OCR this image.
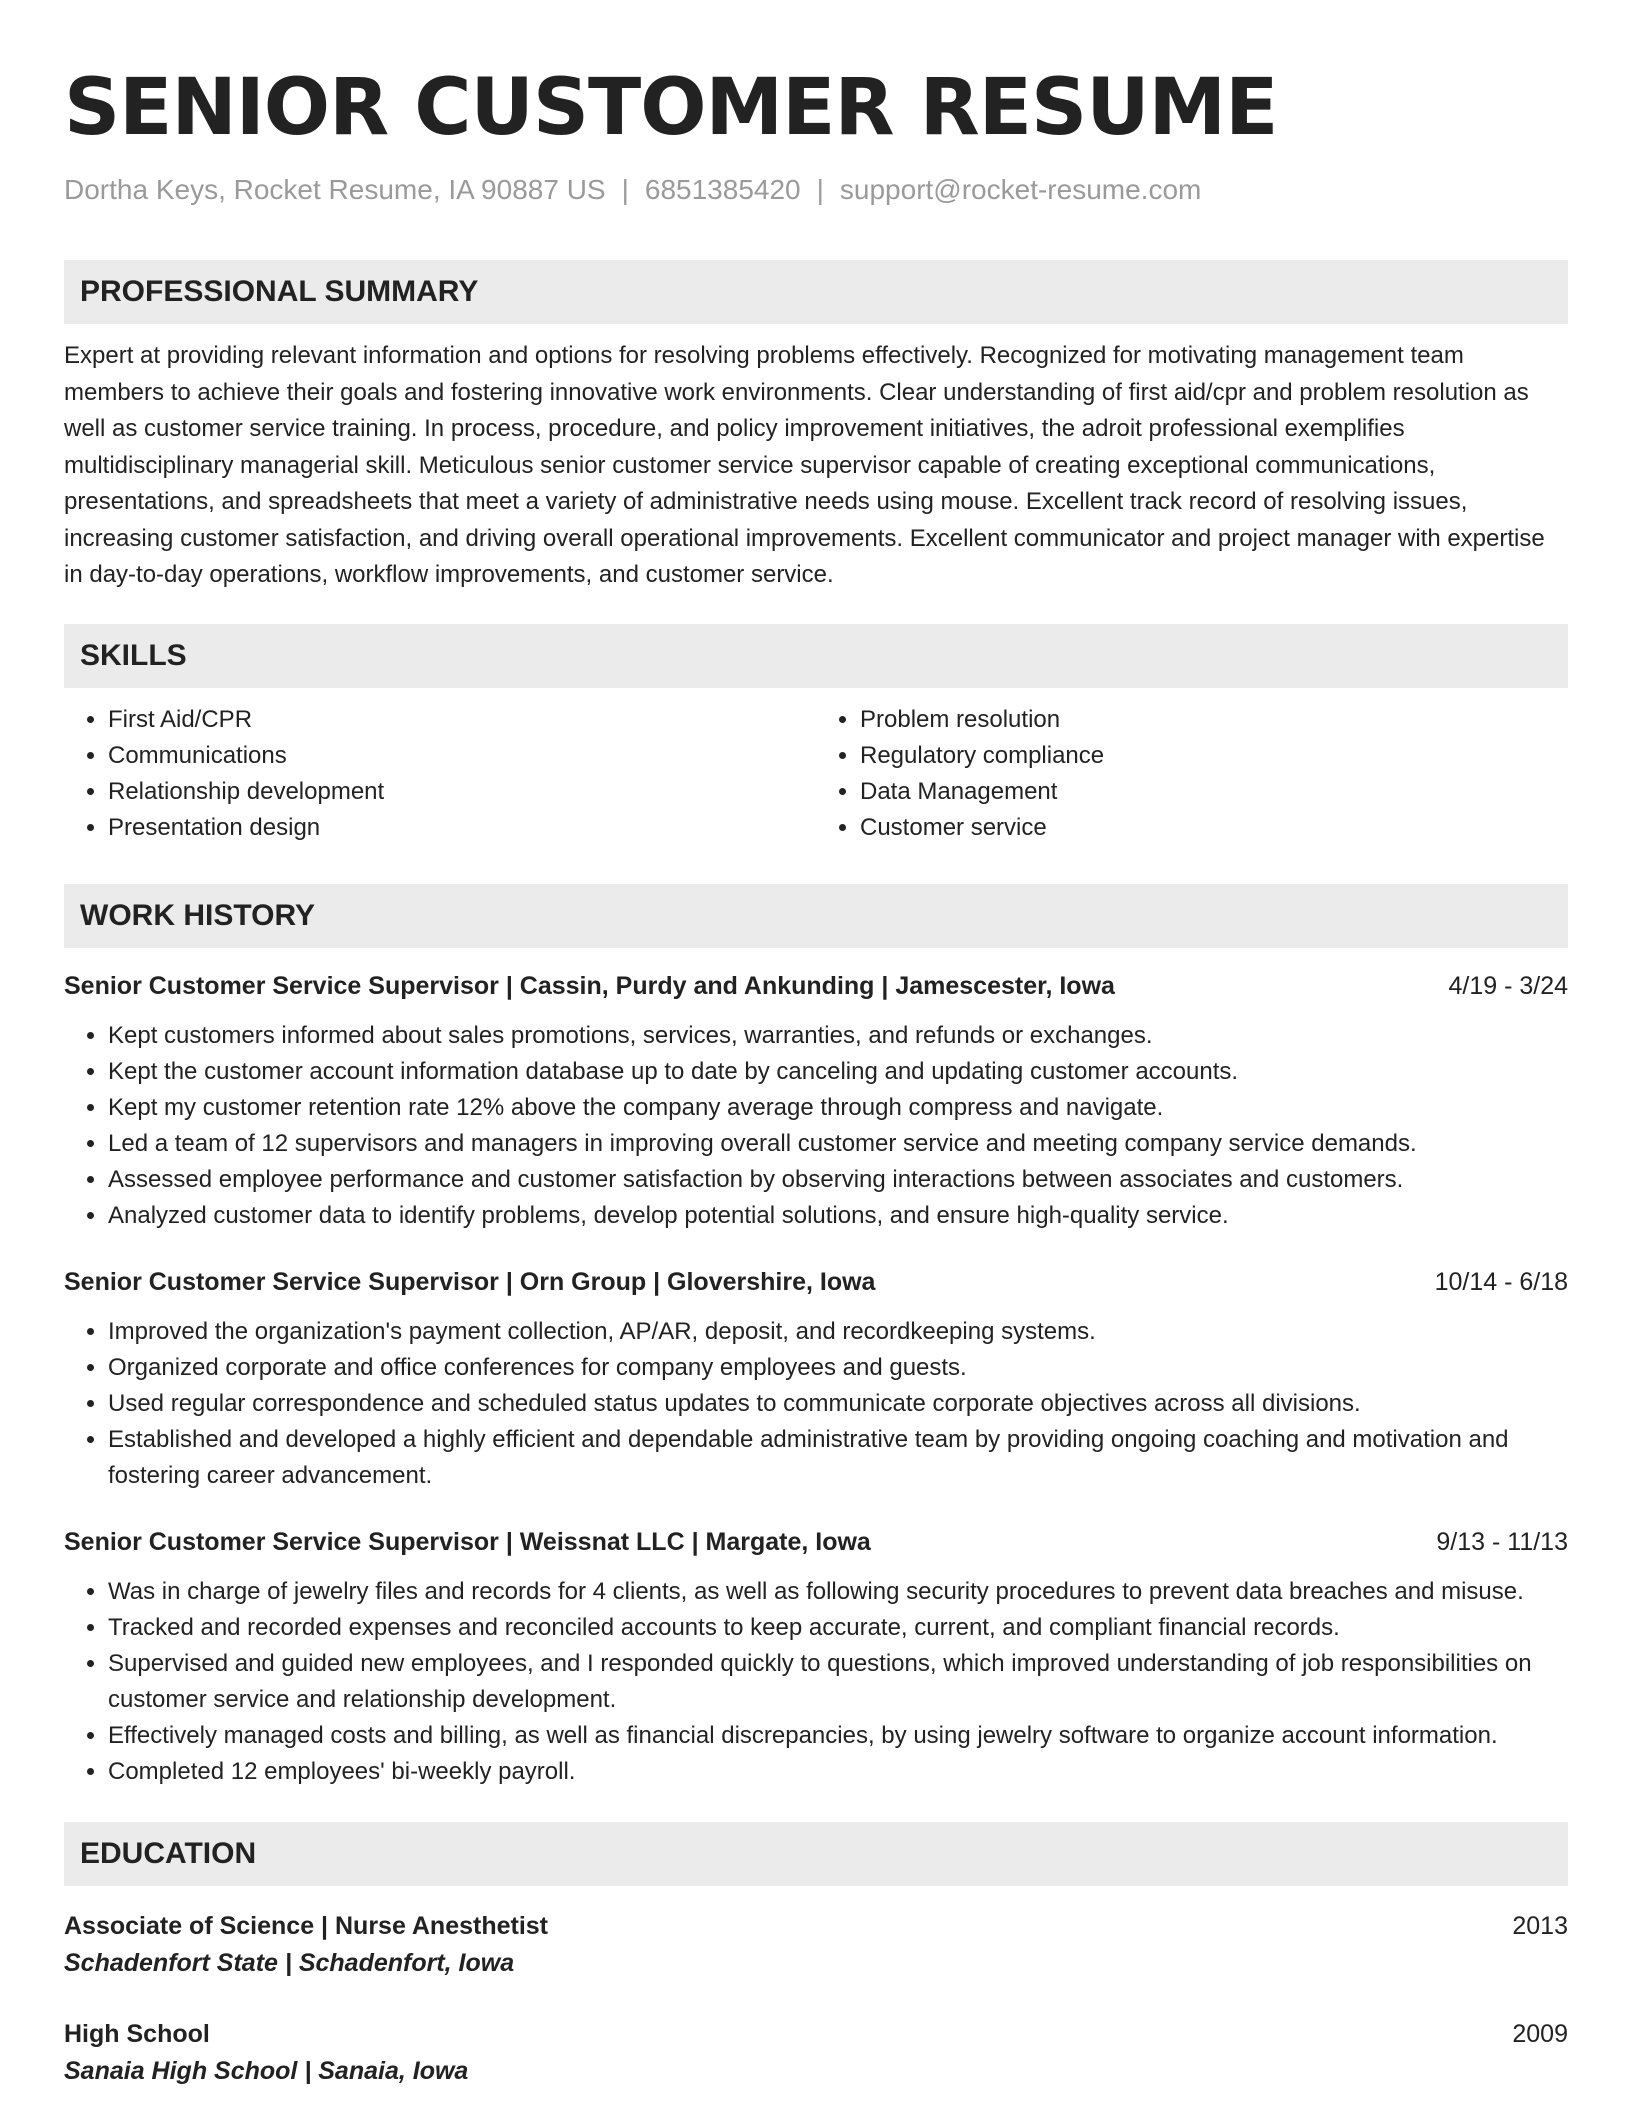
SENIOR CUSTOMER RESUME
Dortha Keys, Rocket Resume, IA 90887 US | 6851385420 | support@rocket-resume.com
PROFESSIONAL SUMMARY
Expert at providing relevant information and options for resolving problems effectively. Recognized for motivating management team members to achieve their goals and fostering innovative work environments. Clear understanding of first aid/cpr and problem resolution as well as customer service training. In process, procedure, and policy improvement initiatives, the adroit professional exemplifies multidisciplinary managerial skill. Meticulous senior customer service supervisor capable of creating exceptional communications, presentations, and spreadsheets that meet a variety of administrative needs using mouse. Excellent track record of resolving issues, increasing customer satisfaction, and driving overall operational improvements. Excellent communicator and project manager with expertise in day-to-day operations, workflow improvements, and customer service.
SKILLS
• First Aid/CPR
• Communications
• Relationship development
• Presentation design
• Problem resolution
• Regulatory compliance
• Data Management
• Customer service
WORK HISTORY
Senior Customer Service Supervisor | Cassin, Purdy and Ankunding | Jamescester, Iowa	4/19 - 3/24
• Kept customers informed about sales promotions, services, warranties, and refunds or exchanges.
• Kept the customer account information database up to date by canceling and updating customer accounts.
• Kept my customer retention rate 12% above the company average through compress and navigate.
• Led a team of 12 supervisors and managers in improving overall customer service and meeting company service demands.
• Assessed employee performance and customer satisfaction by observing interactions between associates and customers.
• Analyzed customer data to identify problems, develop potential solutions, and ensure high-quality service.
Senior Customer Service Supervisor | Orn Group | Glovershire, Iowa	10/14 - 6/18
• Improved the organization's payment collection, AP/AR, deposit, and recordkeeping systems.
• Organized corporate and office conferences for company employees and guests.
• Used regular correspondence and scheduled status updates to communicate corporate objectives across all divisions.
• Established and developed a highly efficient and dependable administrative team by providing ongoing coaching and motivation and fostering career advancement.
Senior Customer Service Supervisor | Weissnat LLC | Margate, Iowa	9/13 - 11/13
• Was in charge of jewelry files and records for 4 clients, as well as following security procedures to prevent data breaches and misuse.
• Tracked and recorded expenses and reconciled accounts to keep accurate, current, and compliant financial records.
• Supervised and guided new employees, and I responded quickly to questions, which improved understanding of job responsibilities on customer service and relationship development.
• Effectively managed costs and billing, as well as financial discrepancies, by using jewelry software to organize account information.
• Completed 12 employees' bi-weekly payroll.
EDUCATION
Associate of Science | Nurse Anesthetist	2013
Schadenfort State | Schadenfort, Iowa
High School	2009
Sanaia High School | Sanaia, Iowa
